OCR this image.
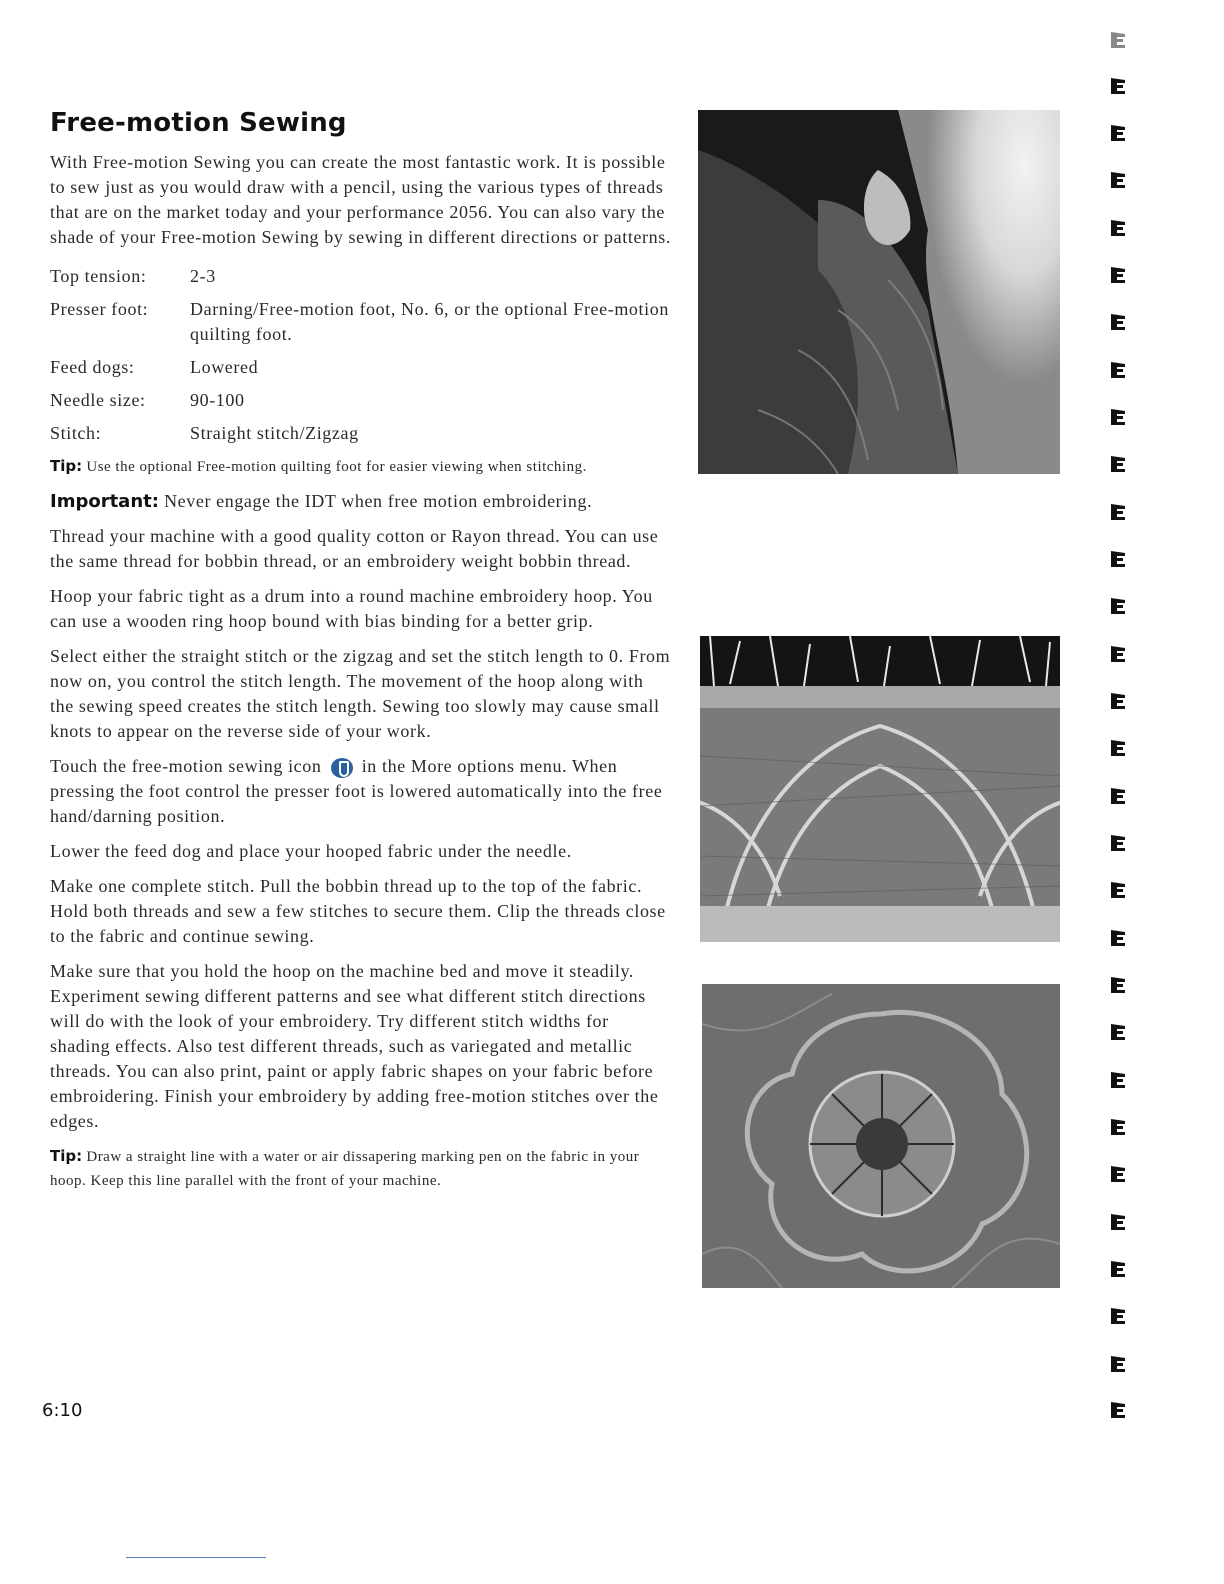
Free-motion Sewing

With Free-motion Sewing you can create the most fantastic work. It is possible to sew just as you would draw with a pencil, using the various types of threads that are on the market today and your performance 2056. You can also vary the shade of your Free-motion Sewing by sewing in different directions or patterns.

Top tension:	2-3
Presser foot:	Darning/Free-motion foot, No. 6, or the optional Free-motion quilting foot.
Feed dogs:	Lowered
Needle size:	90-100
Stitch:	Straight stitch/Zigzag

Tip: Use the optional Free-motion quilting foot for easier viewing when stitching.

Important: Never engage the IDT when free motion embroidering.

Thread your machine with a good quality cotton or Rayon thread. You can use the same thread for bobbin thread, or an embroidery weight bobbin thread.

Hoop your fabric tight as a drum into a round machine embroidery hoop. You can use a wooden ring hoop bound with bias binding for a better grip.

Select either the straight stitch or the zigzag and set the stitch length to 0. From now on, you control the stitch length. The movement of the hoop along with the sewing speed creates the stitch length. Sewing too slowly may cause small knots to appear on the reverse side of your work.

Touch the free-motion sewing icon in the More options menu. When pressing the foot control the presser foot is lowered automatically into the free hand/darning position.

Lower the feed dog and place your hooped fabric under the needle.

Make one complete stitch. Pull the bobbin thread up to the top of the fabric. Hold both threads and sew a few stitches to secure them. Clip the threads close to the fabric and continue sewing.

Make sure that you hold the hoop on the machine bed and move it steadily. Experiment sewing different patterns and see what different stitch directions will do with the look of your embroidery. Try different stitch widths for shading effects. Also test different threads, such as variegated and metallic threads. You can also print, paint or apply fabric shapes on your fabric before embroidering. Finish your embroidery by adding free-motion stitches over the edges.

Tip: Draw a straight line with a water or air dissapering marking pen on the fabric in your hoop. Keep this line parallel with the front of your machine.

6:10
